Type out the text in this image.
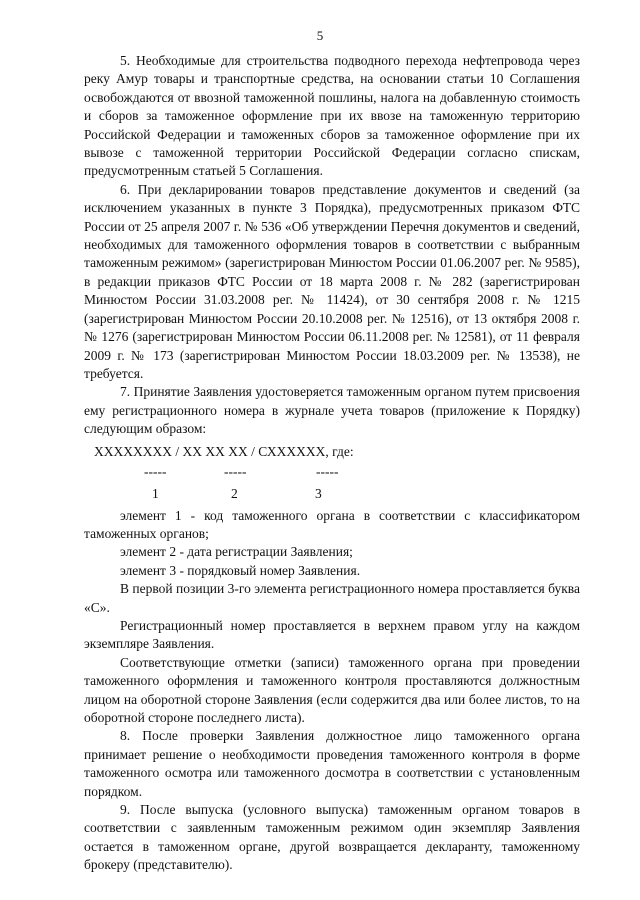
5

5. Необходимые для строительства подводного перехода нефтепровода через реку Амур товары и транспортные средства, на основании статьи 10 Соглашения освобождаются от ввозной таможенной пошлины, налога на добавленную стоимость и сборов за таможенное оформление при их ввозе на таможенную территорию Российской Федерации и таможенных сборов за таможенное оформление при их вывозе с таможенной территории Российской Федерации согласно спискам, предусмотренным статьей 5 Соглашения.

6. При декларировании товаров представление документов и сведений (за исключением указанных в пункте 3 Порядка), предусмотренных приказом ФТС России от 25 апреля 2007 г. № 536 «Об утверждении Перечня документов и сведений, необходимых для таможенного оформления товаров в соответствии с выбранным таможенным режимом» (зарегистрирован Минюстом России 01.06.2007 рег. № 9585), в редакции приказов ФТС России от 18 марта 2008 г. № 282 (зарегистрирован Минюстом России 31.03.2008 рег. № 11424), от 30 сентября 2008 г. № 1215 (зарегистрирован Минюстом России 20.10.2008 рег. № 12516), от 13 октября 2008 г. № 1276 (зарегистрирован Минюстом России 06.11.2008 рег. № 12581), от 11 февраля 2009 г. № 173 (зарегистрирован Минюстом России 18.03.2009 рег. № 13538), не требуется.

7. Принятие Заявления удостоверяется таможенным органом путем присвоения ему регистрационного номера в журнале учета товаров (приложение к Порядку) следующим образом:

ХХХХХХХХ / ХХ ХХ ХХ / СХХХХХХ, где:
-----	-----	-----
1	2	3

элемент 1 - код таможенного органа в соответствии с классификатором таможенных органов;

элемент 2 - дата регистрации Заявления;

элемент 3 - порядковый номер Заявления.

В первой позиции 3-го элемента регистрационного номера проставляется буква «С».

Регистрационный номер проставляется в верхнем правом углу на каждом экземпляре Заявления.

Соответствующие отметки (записи) таможенного органа при проведении таможенного оформления и таможенного контроля проставляются должностным лицом на оборотной стороне Заявления (если содержится два или более листов, то на оборотной стороне последнего листа).

8. После проверки Заявления должностное лицо таможенного органа принимает решение о необходимости проведения таможенного контроля в форме таможенного осмотра или таможенного досмотра в соответствии с установленным порядком.

9. После выпуска (условного выпуска) таможенным органом товаров в соответствии с заявленным таможенным режимом один экземпляр Заявления остается в таможенном органе, другой возвращается декларанту, таможенному брокеру (представителю).
